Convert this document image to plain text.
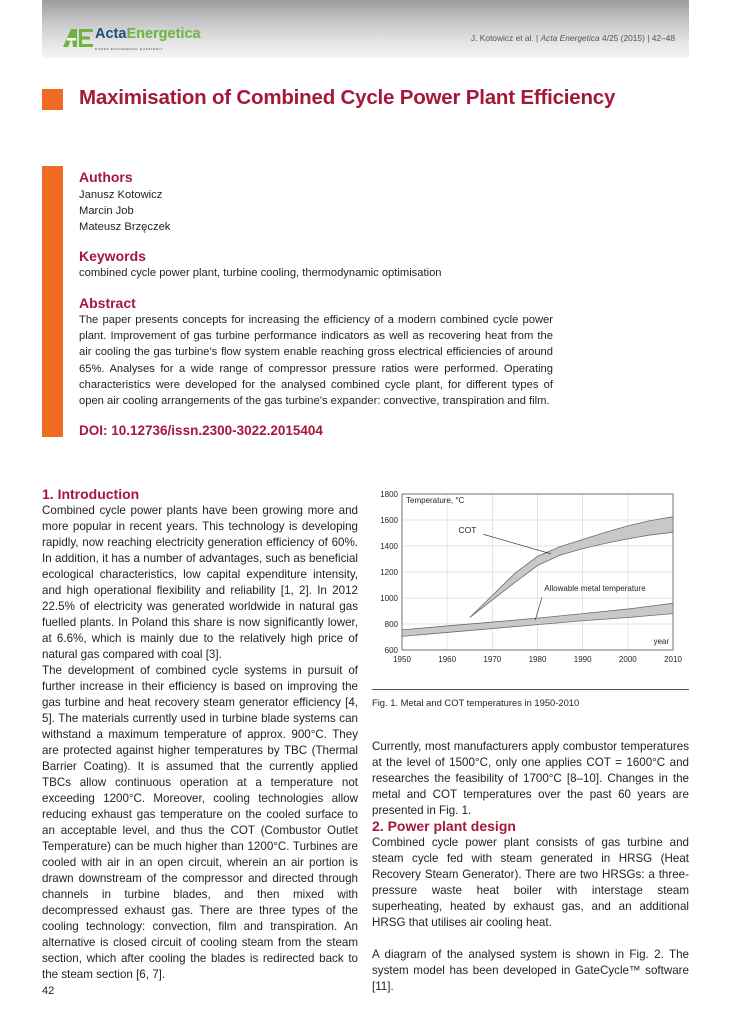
ActaEnergetica
POWER ENGINEERING QUARTERLY
J. Kotowicz et al. | Acta Energetica 4/25 (2015) | 42–48
Maximisation of Combined Cycle Power Plant Efficiency
Authors
Janusz Kotowicz
Marcin Job
Mateusz Brzęczek
Keywords
combined cycle power plant, turbine cooling, thermodynamic optimisation
Abstract
The paper presents concepts for increasing the efficiency of a modern combined cycle power plant. Improvement of gas turbine performance indicators as well as recovering heat from the air cooling the gas turbine’s flow system enable reaching gross electrical efficiencies of around 65%. Analyses for a wide range of compressor pressure ratios were performed. Operating characteristics were developed for the analysed combined cycle plant, for different types of open air cooling arrangements of the gas turbine’s expander: convective, transpiration and film.
DOI: 10.12736/issn.2300-3022.2015404
1. Introduction

Combined cycle power plants have been growing more and more popular in recent years. This technology is developing rapidly, now reaching electricity generation efficiency of 60%. In addition, it has a number of advantages, such as beneficial ecological characteristics, low capital expenditure intensity, and high operational flexibility and reliability [1, 2]. In 2012 22.5% of electricity was generated worldwide in natural gas fuelled plants. In Poland this share is now significantly lower, at 6.6%, which is mainly due to the relatively high price of natural gas compared with coal [3].

The development of combined cycle systems in pursuit of further increase in their efficiency is based on improving the gas turbine and heat recovery steam generator efficiency [4, 5]. The materials currently used in turbine blade systems can withstand a maximum temperature of approx. 900°C. They are protected against higher temperatures by TBC (Thermal Barrier Coating). It is assumed that the currently applied TBCs allow continuous operation at a temperature not exceeding 1200°C. Moreover, cooling technologies allow reducing exhaust gas temperature on the cooled surface to an acceptable level, and thus the COT (Combustor Outlet Temperature) can be much higher than 1200°C. Turbines are cooled with air in an open circuit, wherein an air portion is drawn downstream of the compressor and directed through channels in turbine blades, and then mixed with decompressed exhaust gas. There are three types of the cooling technology: convection, film and transpiration. An alternative is closed circuit of cooling steam from the steam section, which after cooling the blades is redirected back to the steam section [6, 7].

1950	1960	1970	1980	1990	2000	2010
600
800
1000
1200
1400
1600
1800
Temperature, °C
year
COT
Allowable metal temperature
Fig. 1. Metal and COT temperatures in 1950-2010

Currently, most manufacturers apply combustor temperatures at the level of 1500°C, only one applies COT = 1600°C and researches the feasibility of 1700°C [8–10]. Changes in the metal and COT temperatures over the past 60 years are presented in Fig. 1.

2. Power plant design

Combined cycle power plant consists of gas turbine and steam cycle fed with steam generated in HRSG (Heat Recovery Steam Generator). There are two HRSGs: a three-pressure waste heat boiler with interstage steam superheating, heated by exhaust gas, and an additional HRSG that utilises air cooling heat.

A diagram of the analysed system is shown in Fig. 2. The system model has been developed in GateCycle™ software [11].

42
